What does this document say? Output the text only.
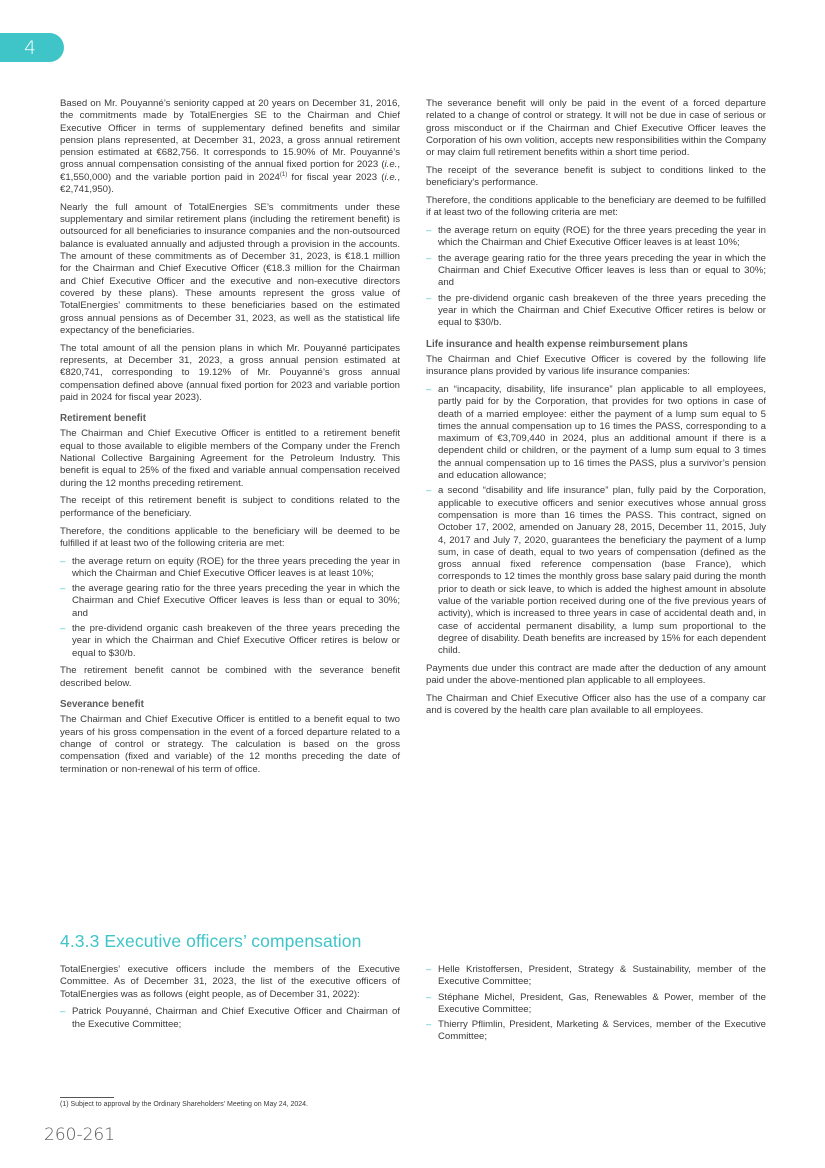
4

Based on Mr. Pouyanné’s seniority capped at 20 years on December 31, 2016, the commitments made by TotalEnergies SE to the Chairman and Chief Executive Officer in terms of supplementary defined benefits and similar pension plans represented, at December 31, 2023, a gross annual retirement pension estimated at €682,756. It corresponds to 15.90% of Mr. Pouyanné’s gross annual compensation consisting of the annual fixed portion for 2023 (i.e., €1,550,000) and the variable portion paid in 2024$^{(1)}$ for fiscal year 2023 (i.e., €2,741,950).

Nearly the full amount of TotalEnergies SE’s commitments under these supplementary and similar retirement plans (including the retirement benefit) is outsourced for all beneficiaries to insurance companies and the non-outsourced balance is evaluated annually and adjusted through a provision in the accounts. The amount of these commitments as of December 31, 2023, is €18.1 million for the Chairman and Chief Executive Officer (€18.3 million for the Chairman and Chief Executive Officer and the executive and non-executive directors covered by these plans). These amounts represent the gross value of TotalEnergies’ commitments to these beneficiaries based on the estimated gross annual pensions as of December 31, 2023, as well as the statistical life expectancy of the beneficiaries.

The total amount of all the pension plans in which Mr. Pouyanné participates represents, at December 31, 2023, a gross annual pension estimated at €820,741, corresponding to 19.12% of Mr. Pouyanné’s gross annual compensation defined above (annual fixed portion for 2023 and variable portion paid in 2024 for fiscal year 2023).

Retirement benefit

The Chairman and Chief Executive Officer is entitled to a retirement benefit equal to those available to eligible members of the Company under the French National Collective Bargaining Agreement for the Petroleum Industry. This benefit is equal to 25% of the fixed and variable annual compensation received during the 12 months preceding retirement.

The receipt of this retirement benefit is subject to conditions related to the performance of the beneficiary.

Therefore, the conditions applicable to the beneficiary will be deemed to be fulfilled if at least two of the following criteria are met:

– the average return on equity (ROE) for the three years preceding the year in which the Chairman and Chief Executive Officer leaves is at least 10%;
– the average gearing ratio for the three years preceding the year in which the Chairman and Chief Executive Officer leaves is less than or equal to 30%; and
– the pre-dividend organic cash breakeven of the three years preceding the year in which the Chairman and Chief Executive Officer retires is below or equal to $30/b.

The retirement benefit cannot be combined with the severance benefit described below.

Severance benefit

The Chairman and Chief Executive Officer is entitled to a benefit equal to two years of his gross compensation in the event of a forced departure related to a change of control or strategy. The calculation is based on the gross compensation (fixed and variable) of the 12 months preceding the date of termination or non-renewal of his term of office.

The severance benefit will only be paid in the event of a forced departure related to a change of control or strategy. It will not be due in case of serious or gross misconduct or if the Chairman and Chief Executive Officer leaves the Corporation of his own volition, accepts new responsibilities within the Company or may claim full retirement benefits within a short time period.

The receipt of the severance benefit is subject to conditions linked to the beneficiary's performance.

Therefore, the conditions applicable to the beneficiary are deemed to be fulfilled if at least two of the following criteria are met:

– the average return on equity (ROE) for the three years preceding the year in which the Chairman and Chief Executive Officer leaves is at least 10%;
– the average gearing ratio for the three years preceding the year in which the Chairman and Chief Executive Officer leaves is less than or equal to 30%; and
– the pre-dividend organic cash breakeven of the three years preceding the year in which the Chairman and Chief Executive Officer retires is below or equal to $30/b.
Life insurance and health expense reimbursement plans

The Chairman and Chief Executive Officer is covered by the following life insurance plans provided by various life insurance companies:

– an “incapacity, disability, life insurance” plan applicable to all employees, partly paid for by the Corporation, that provides for two options in case of death of a married employee: either the payment of a lump sum equal to 5 times the annual compensation up to 16 times the PASS, corresponding to a maximum of €3,709,440 in 2024, plus an additional amount if there is a dependent child or children, or the payment of a lump sum equal to 3 times the annual compensation up to 16 times the PASS, plus a survivor’s pension and education allowance;
– a second “disability and life insurance” plan, fully paid by the Corporation, applicable to executive officers and senior executives whose annual gross compensation is more than 16 times the PASS. This contract, signed on October 17, 2002, amended on January 28, 2015, December 11, 2015, July 4, 2017 and July 7, 2020, guarantees the beneficiary the payment of a lump sum, in case of death, equal to two years of compensation (defined as the gross annual fixed reference compensation (base France), which corresponds to 12 times the monthly gross base salary paid during the month prior to death or sick leave, to which is added the highest amount in absolute value of the variable portion received during one of the five previous years of activity), which is increased to three years in case of accidental death and, in case of accidental permanent disability, a lump sum proportional to the degree of disability. Death benefits are increased by 15% for each dependent child.

Payments due under this contract are made after the deduction of any amount paid under the above-mentioned plan applicable to all employees.

The Chairman and Chief Executive Officer also has the use of a company car and is covered by the health care plan available to all employees.

4.3.3 Executive officers’ compensation

TotalEnergies’ executive officers include the members of the Executive Committee. As of December 31, 2023, the list of the executive officers of TotalEnergies was as follows (eight people, as of December 31, 2022):

– Patrick Pouyanné, Chairman and Chief Executive Officer and Chairman of the Executive Committee;
– Helle Kristoffersen, President, Strategy & Sustainability, member of the Executive Committee;
– Stéphane Michel, President, Gas, Renewables & Power, member of the Executive Committee;
– Thierry Pflimlin, President, Marketing & Services, member of the Executive Committee;
(1) Subject to approval by the Ordinary Shareholders’ Meeting on May 24, 2024.
260-261
